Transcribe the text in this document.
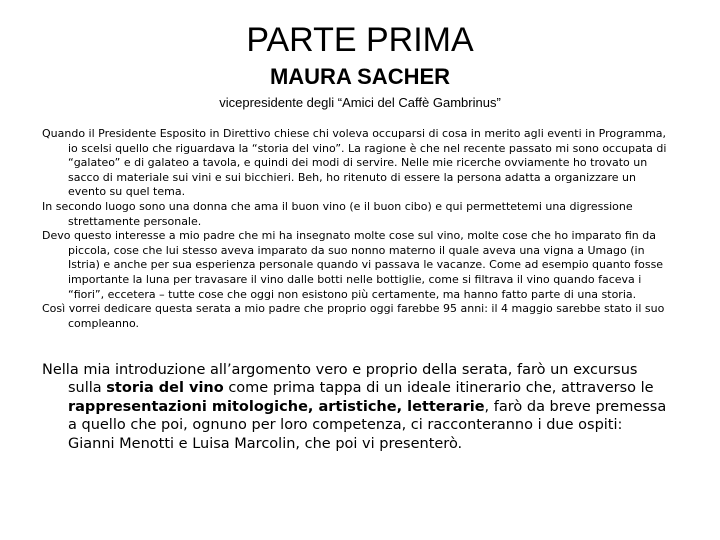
PARTE PRIMA
MAURA SACHER
vicepresidente degli “Amici del Caffè Gambrinus”

Quando il Presidente Esposito in Direttivo chiese chi voleva occuparsi di cosa in merito agli eventi in Programma, io scelsi quello che riguardava la “storia del vino”. La ragione è che nel recente passato mi sono occupata di “galateo” e di galateo a tavola, e quindi dei modi di servire. Nelle mie ricerche ovviamente ho trovato un sacco di materiale sui vini e sui bicchieri. Beh, ho ritenuto di essere la persona adatta a organizzare un evento su quel tema.

In secondo luogo sono una donna che ama il buon vino (e il buon cibo) e qui permettetemi una digressione strettamente personale.

Devo questo interesse a mio padre che mi ha insegnato molte cose sul vino, molte cose che ho imparato fin da piccola, cose che lui stesso aveva imparato da suo nonno materno il quale aveva una vigna a Umago (in Istria) e anche per sua esperienza personale quando vi passava le vacanze. Come ad esempio quanto fosse importante la luna per travasare il vino dalle botti nelle bottiglie, come si filtrava il vino quando faceva i “fiori”, eccetera – tutte cose che oggi non esistono più certamente, ma hanno fatto parte di una storia.

Così vorrei dedicare questa serata a mio padre che proprio oggi farebbe 95 anni: il 4 maggio sarebbe stato il suo compleanno.

Nella mia introduzione all’argomento vero e proprio della serata, farò un excursus sulla storia del vino come prima tappa di un ideale itinerario che, attraverso le rappresentazioni mitologiche, artistiche, letterarie, farò da breve premessa a quello che poi, ognuno per loro competenza, ci racconteranno i due ospiti: Gianni Menotti e Luisa Marcolin, che poi vi presenterò.
